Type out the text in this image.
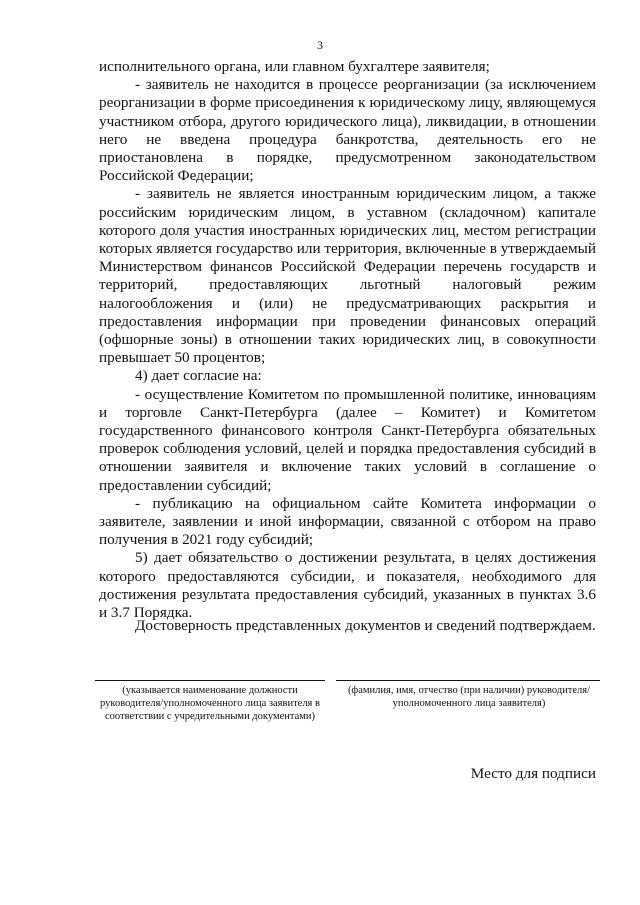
3

исполнительного органа, или главном бухгалтере заявителя;

- заявитель не находится в процессе реорганизации (за исключением реорганизации в форме присоединения к юридическому лицу, являющемуся участником отбора, другого юридического лица), ликвидации, в отношении него не введена процедура банкротства, деятельность его не приостановлена в порядке, предусмотренном законодательством Российской Федерации;

- заявитель не является иностранным юридическим лицом, а также российским юридическим лицом, в уставном (складочном) капитале которого доля участия иностранных юридических лиц, местом регистрации которых является государство или территория, включенные в утверждаемый Министерством финансов Российской Федерации перечень государств и территорий, предоставляющих льготный налоговый режим налогообложения и (или) не предусматривающих раскрытия и предоставления информации при проведении финансовых операций (офшорные зоны) в отношении таких юридических лиц, в совокупности превышает 50 процентов;

4) дает согласие на:

- осуществление Комитетом по промышленной политике, инновациям и торговле Санкт-Петербурга (далее – Комитет) и Комитетом государственного финансового контроля Санкт-Петербурга обязательных проверок соблюдения условий, целей и порядка предоставления субсидий в отношении заявителя и включение таких условий в соглашение о предоставлении субсидий;

- публикацию на официальном сайте Комитета информации о заявителе, заявлении и иной информации, связанной с отбором на право получения в 2021 году субсидий;

5) дает обязательство о достижении результата, в целях достижения которого предоставляются субсидии, и показателя, необходимого для достижения результата предоставления субсидий, указанных в пунктах 3.6 и 3.7 Порядка.

Достоверность представленных документов и сведений подтверждаем.

(указывается наименование должности руководителя/уполномоченного лица заявителя в соответствии с учредительными документами)
(фамилия, имя, отчество (при наличии) руководителя/уполномоченного лица заявителя)
Место для подписи
